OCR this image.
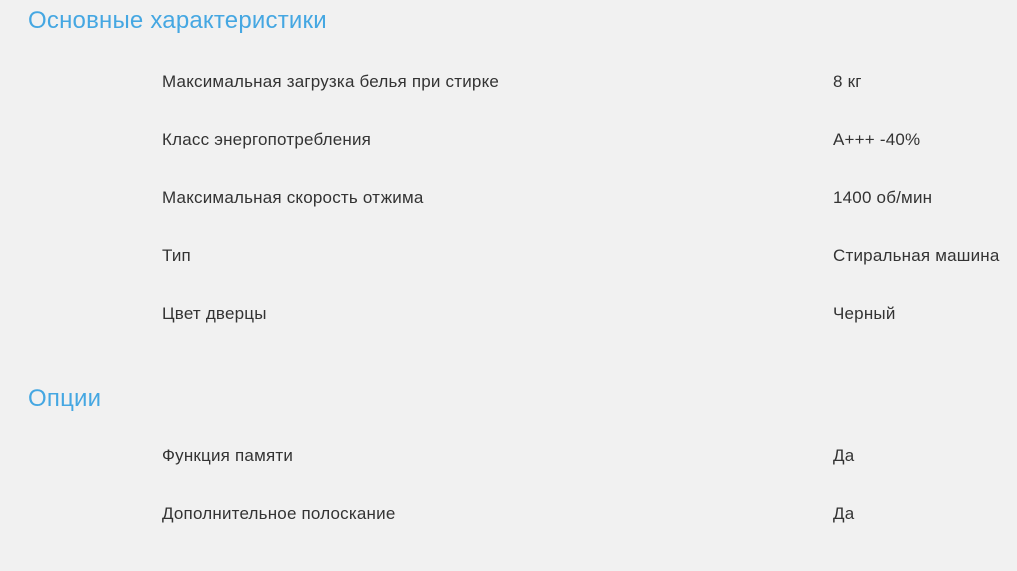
Основные характеристики
Максимальная загрузка белья при стирке	8 кг
Класс энергопотребления	A+++ -40%
Максимальная скорость отжима	1400 об/мин
Тип	Стиральная машина
Цвет дверцы	Черный
Опции
Функция памяти	Да
Дополнительное полоскание	Да
